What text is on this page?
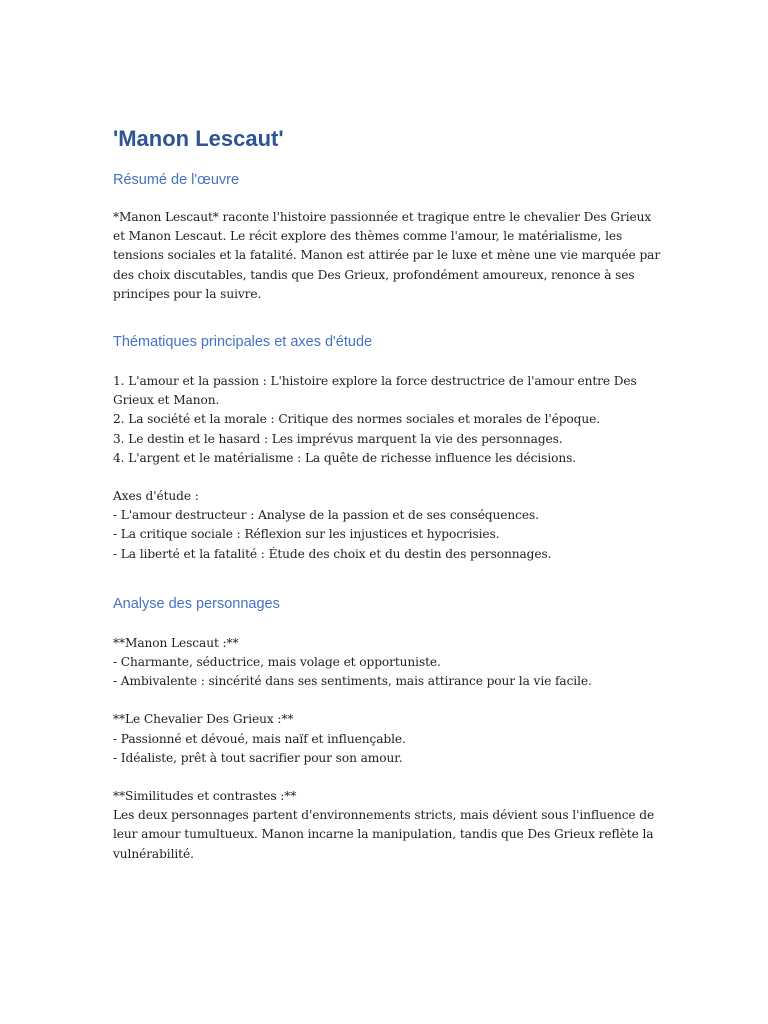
'Manon Lescaut'
Résumé de l'œuvre

*Manon Lescaut* raconte l'histoire passionnée et tragique entre le chevalier Des Grieux et Manon Lescaut. Le récit explore des thèmes comme l'amour, le matérialisme, les tensions sociales et la fatalité. Manon est attirée par le luxe et mène une vie marquée par des choix discutables, tandis que Des Grieux, profondément amoureux, renonce à ses principes pour la suivre.

Thématiques principales et axes d'étude
1. L'amour et la passion : L'histoire explore la force destructrice de l'amour entre Des Grieux et Manon.
2. La société et la morale : Critique des normes sociales et morales de l'époque.
3. Le destin et le hasard : Les imprévus marquent la vie des personnages.
4. L'argent et le matérialisme : La quête de richesse influence les décisions.
Axes d'étude :
- L'amour destructeur : Analyse de la passion et de ses conséquences.
- La critique sociale : Réflexion sur les injustices et hypocrisies.
- La liberté et la fatalité : Étude des choix et du destin des personnages.
Analyse des personnages
**Manon Lescaut :**
- Charmante, séductrice, mais volage et opportuniste.
- Ambivalente : sincérité dans ses sentiments, mais attirance pour la vie facile.
**Le Chevalier Des Grieux :**
- Passionné et dévoué, mais naïf et influençable.
- Idéaliste, prêt à tout sacrifier pour son amour.
**Similitudes et contrastes :**
Les deux personnages partent d'environnements stricts, mais dévient sous l'influence de leur amour tumultueux. Manon incarne la manipulation, tandis que Des Grieux reflète la vulnérabilité.
